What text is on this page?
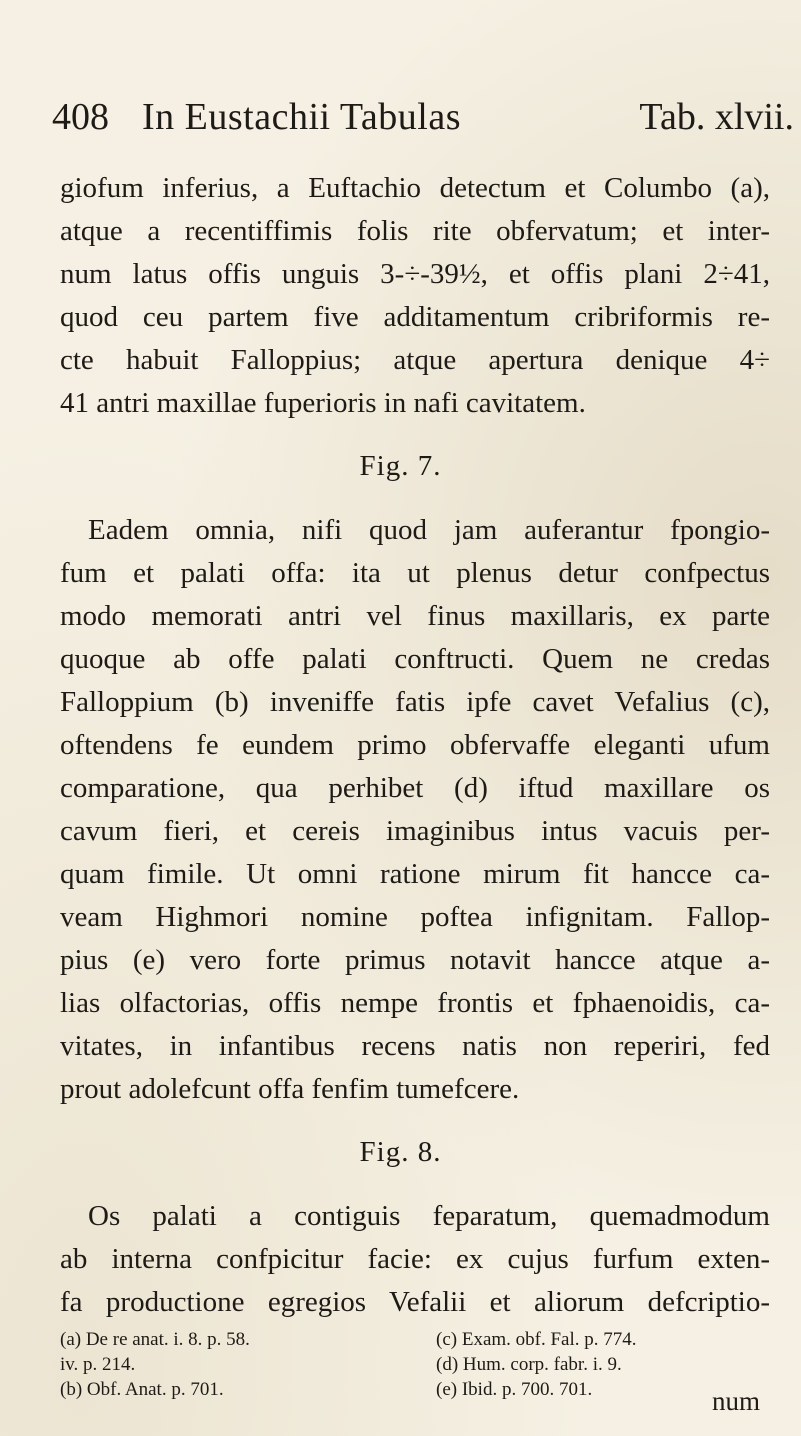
408 In Eustachii Tabulas	Tab. xlvii.
giofum inferius, a Euftachio detectum et Columbo (a),
atque a recentiffimis folis rite obfervatum; et inter-
num latus offis unguis 3-÷-39½, et offis plani 2÷41,
quod ceu partem five additamentum cribriformis re-
cte habuit Falloppius; atque apertura denique 4÷
41 antri maxillae fuperioris in nafi cavitatem.
Fig. 7.
Eadem omnia, nifi quod jam auferantur fpongio-
fum et palati offa: ita ut plenus detur confpectus
modo memorati antri vel finus maxillaris, ex parte
quoque ab offe palati conftructi. Quem ne credas
Falloppium (b) inveniffe fatis ipfe cavet Vefalius (c),
oftendens fe eundem primo obfervaffe eleganti ufum
comparatione, qua perhibet (d) iftud maxillare os
cavum fieri, et cereis imaginibus intus vacuis per-
quam fimile. Ut omni ratione mirum fit hancce ca-
veam Highmori nomine poftea infignitam. Fallop-
pius (e) vero forte primus notavit hancce atque a-
lias olfactorias, offis nempe frontis et fphaenoidis, ca-
vitates, in infantibus recens natis non reperiri, fed
prout adolefcunt offa fenfim tumefcere.
Fig. 8.
Os palati a contiguis feparatum, quemadmodum
ab interna confpicitur facie: ex cujus furfum exten-
fa productione egregios Vefalii et aliorum defcriptio-
(a) De re anat. i. 8. p. 58.
iv. p. 214.
(b) Obf. Anat. p. 701.
(c) Exam. obf. Fal. p. 774.
(d) Hum. corp. fabr. i. 9.
(e) Ibid. p. 700. 701.	num
